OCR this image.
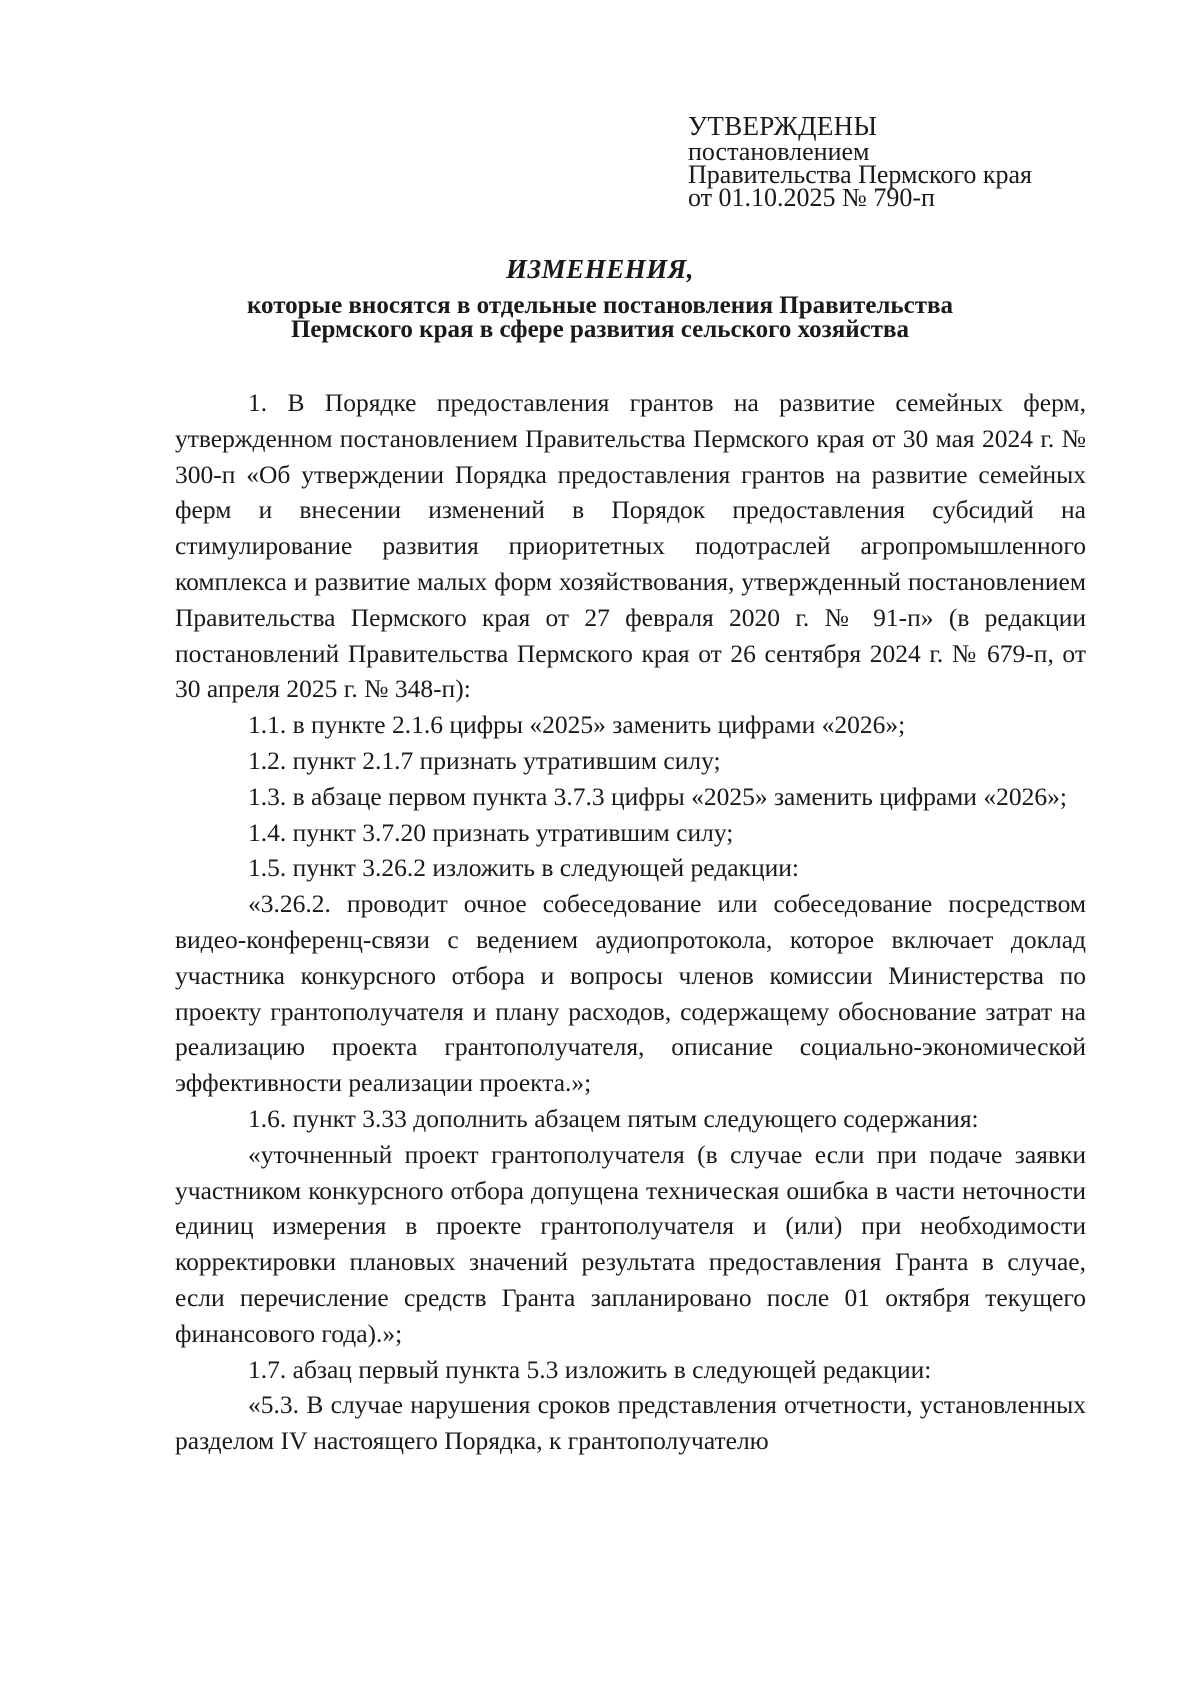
УТВЕРЖДЕНЫ
постановлением
Правительства Пермского края
от 01.10.2025 № 790-п
ИЗМЕНЕНИЯ,
которые вносятся в отдельные постановления Правительства
Пермского края в сфере развития сельского хозяйства

1. В Порядке предоставления грантов на развитие семейных ферм, утвержденном постановлением Правительства Пермского края от 30 мая 2024 г. № 300-п «Об утверждении Порядка предоставления грантов на развитие семейных ферм и внесении изменений в Порядок предоставления субсидий на стимулирование развития приоритетных подотраслей агропромышленного комплекса и развитие малых форм хозяйствования, утвержденный постановлением Правительства Пермского края от 27 февраля 2020 г. № 91-п» (в редакции постановлений Правительства Пермского края от 26 сентября 2024 г. № 679-п, от 30 апреля 2025 г. № 348-п):

1.1. в пункте 2.1.6 цифры «2025» заменить цифрами «2026»;

1.2. пункт 2.1.7 признать утратившим силу;

1.3. в абзаце первом пункта 3.7.3 цифры «2025» заменить цифрами «2026»;

1.4. пункт 3.7.20 признать утратившим силу;

1.5. пункт 3.26.2 изложить в следующей редакции:

«3.26.2. проводит очное собеседование или собеседование посредством видео-конференц-связи с ведением аудиопротокола, которое включает доклад участника конкурсного отбора и вопросы членов комиссии Министерства по проекту грантополучателя и плану расходов, содержащему обоснование затрат на реализацию проекта грантополучателя, описание социально-экономической эффективности реализации проекта.»;

1.6. пункт 3.33 дополнить абзацем пятым следующего содержания:

«уточненный проект грантополучателя (в случае если при подаче заявки участником конкурсного отбора допущена техническая ошибка в части неточности единиц измерения в проекте грантополучателя и (или) при необходимости корректировки плановых значений результата предоставления Гранта в случае, если перечисление средств Гранта запланировано после 01 октября текущего финансового года).»;

1.7. абзац первый пункта 5.3 изложить в следующей редакции:

«5.3. В случае нарушения сроков представления отчетности, установленных разделом IV настоящего Порядка, к грантополучателю
